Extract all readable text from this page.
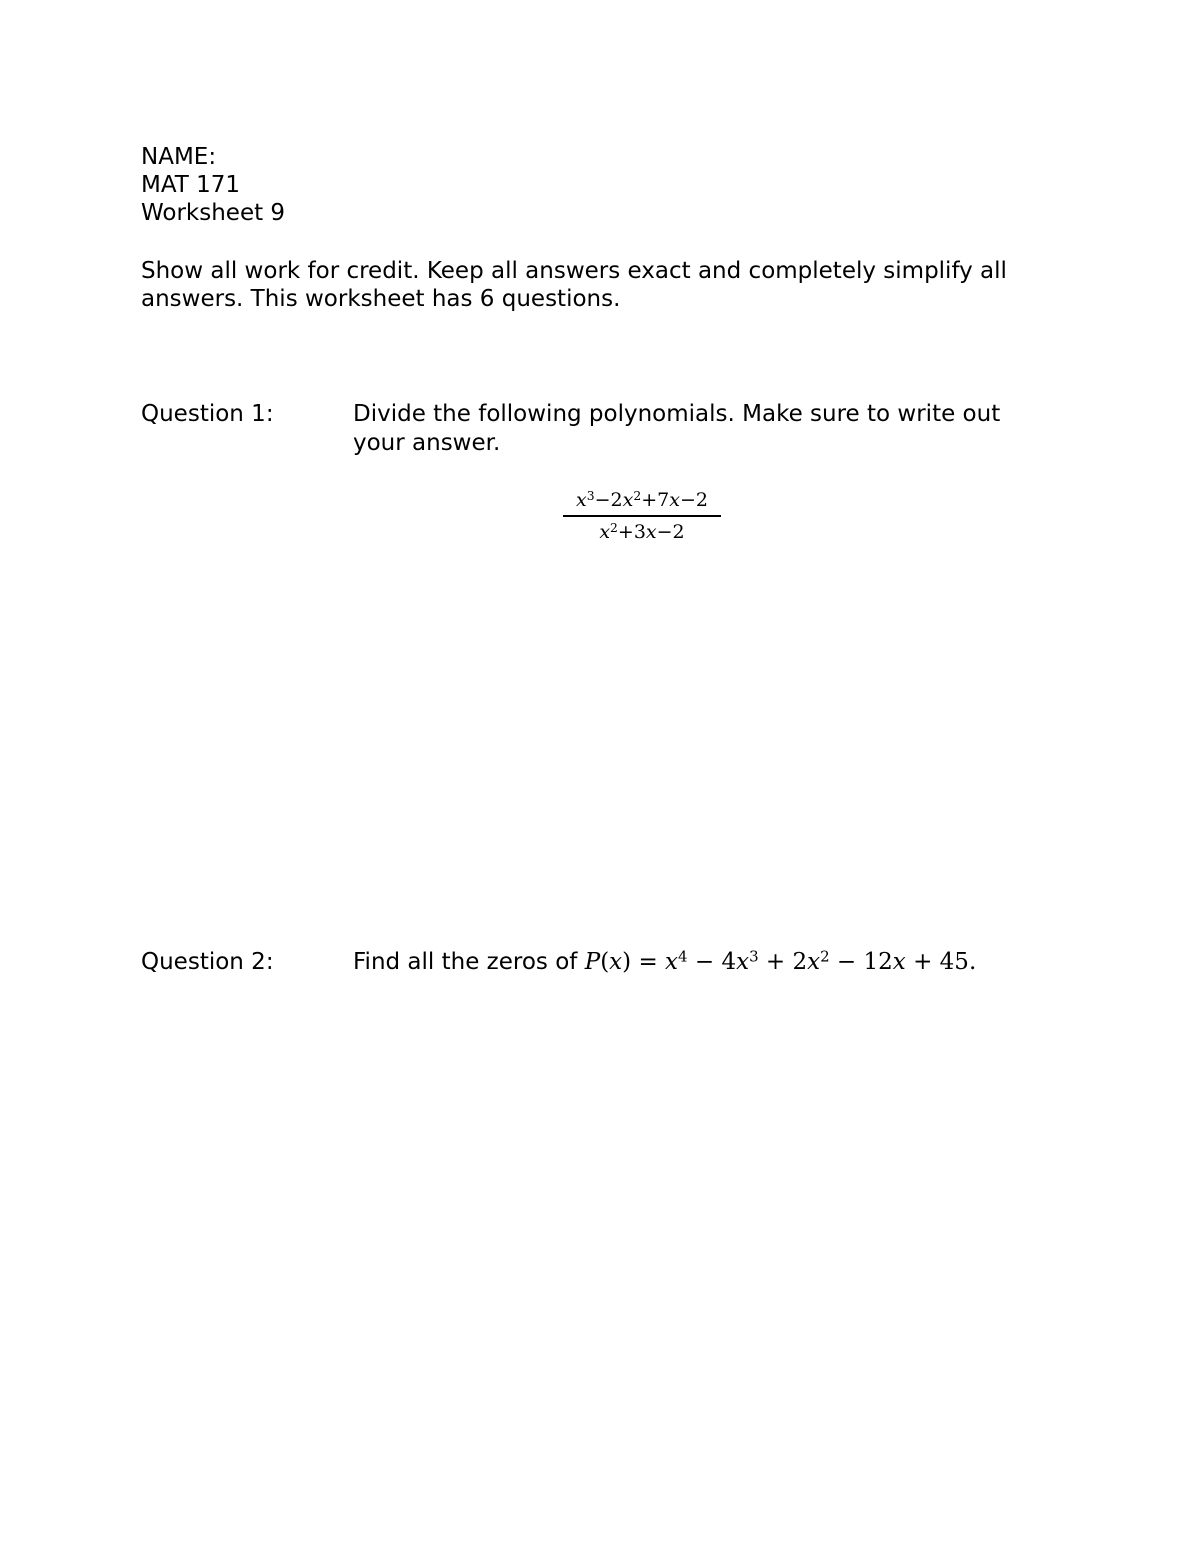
NAME:
MAT 171
Worksheet 9
Show all work for credit. Keep all answers exact and completely simplify all
answers. This worksheet has 6 questions.
Question 1:	Divide the following polynomials. Make sure to write out your answer.
$x^3-2x^2+7x-2$
$x^2+3x-2$
Question 2:	Find all the zeros of $P(x) = x^4 - 4x^3 + 2x^2 - 12x + 45$.
